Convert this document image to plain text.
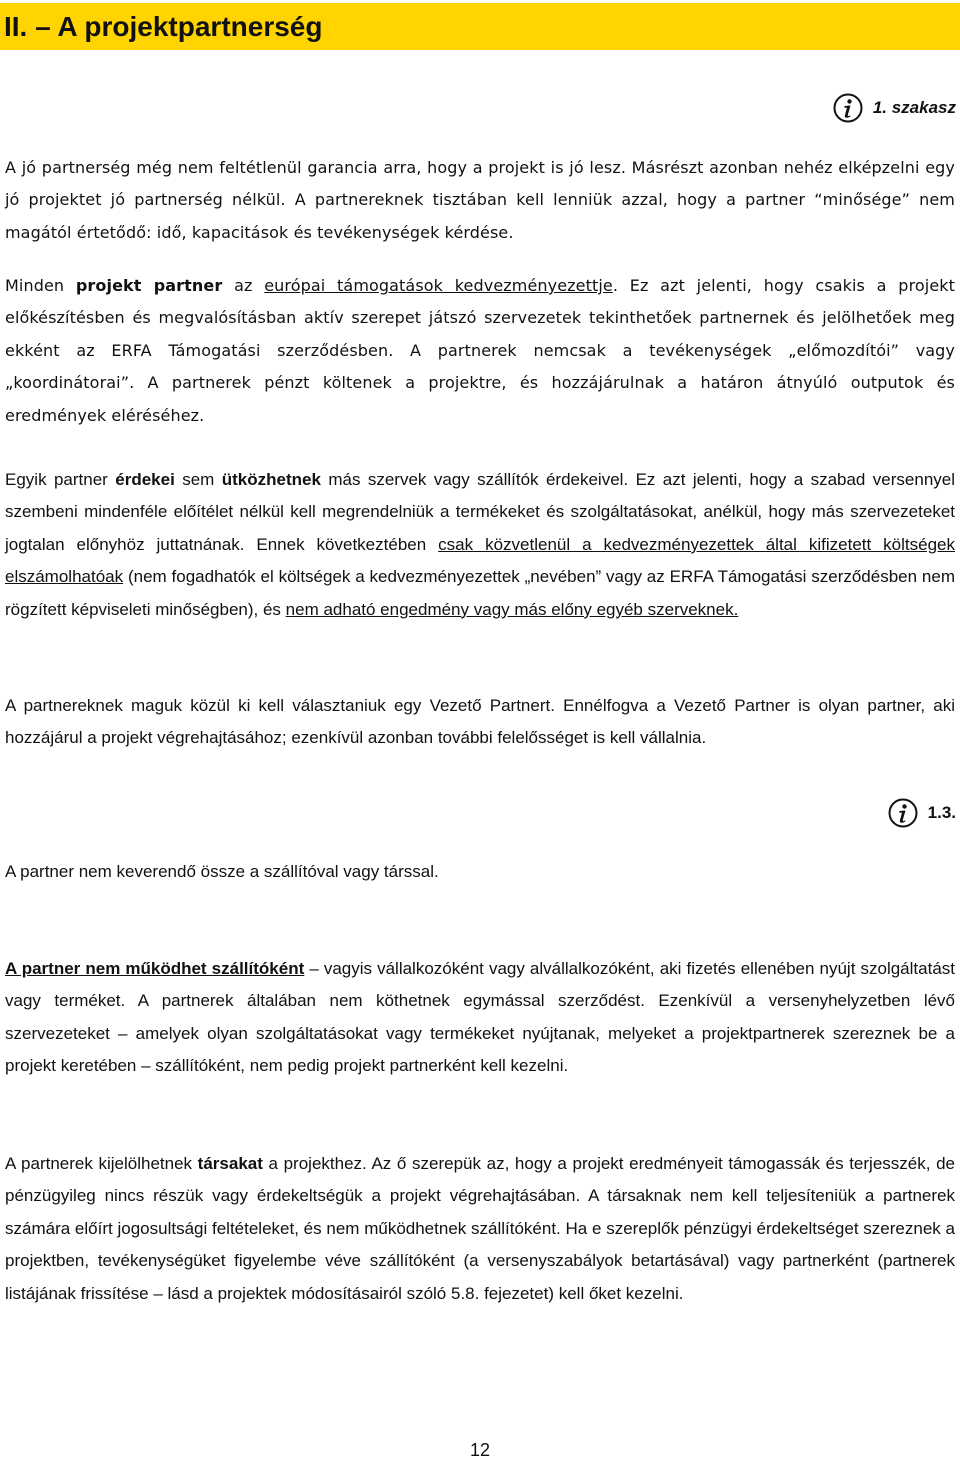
II. – A projektpartnerség
1. szakasz

A jó partnerség még nem feltétlenül garancia arra, hogy a projekt is jó lesz. Másrészt azonban nehéz elképzelni egy jó projektet jó partnerség nélkül. A partnereknek tisztában kell lenniük azzal, hogy a partner “minősége” nem magától értetődő: idő, kapacitások és tevékenységek kérdése.

Minden projekt partner az európai támogatások kedvezményezettje. Ez azt jelenti, hogy csakis a projekt előkészítésben és megvalósításban aktív szerepet játszó szervezetek tekinthetőek partnernek és jelölhetőek meg ekként az ERFA Támogatási szerződésben. A partnerek nemcsak a tevékenységek „előmozdítói” vagy „koordinátorai”. A partnerek pénzt költenek a projektre, és hozzájárulnak a határon átnyúló outputok és eredmények eléréséhez.

Egyik partner érdekei sem ütközhetnek más szervek vagy szállítók érdekeivel. Ez azt jelenti, hogy a szabad versennyel szembeni mindenféle előítélet nélkül kell megrendelniük a termékeket és szolgáltatásokat, anélkül, hogy más szervezeteket jogtalan előnyhöz juttatnának. Ennek következtében csak közvetlenül a kedvezményezettek által kifizetett költségek elszámolhatóak (nem fogadhatók el költségek a kedvezményezettek „nevében” vagy az ERFA Támogatási szerződésben nem rögzített képviseleti minőségben), és nem adható engedmény vagy más előny egyéb szerveknek.

A partnereknek maguk közül ki kell választaniuk egy Vezető Partnert. Ennélfogva a Vezető Partner is olyan partner, aki hozzájárul a projekt végrehajtásához; ezenkívül azonban további felelősséget is kell vállalnia.

1.3.

A partner nem keverendő össze a szállítóval vagy társsal.

A partner nem működhet szállítóként – vagyis vállalkozóként vagy alvállalkozóként, aki fizetés ellenében nyújt szolgáltatást vagy terméket. A partnerek általában nem köthetnek egymással szerződést. Ezenkívül a versenyhelyzetben lévő szervezeteket – amelyek olyan szolgáltatásokat vagy termékeket nyújtanak, melyeket a projektpartnerek szereznek be a projekt keretében – szállítóként, nem pedig projekt partnerként kell kezelni.

A partnerek kijelölhetnek társakat a projekthez. Az ő szerepük az, hogy a projekt eredményeit támogassák és terjesszék, de pénzügyileg nincs részük vagy érdekeltségük a projekt végrehajtásában. A társaknak nem kell teljesíteniük a partnerek számára előírt jogosultsági feltételeket, és nem működhetnek szállítóként. Ha e szereplők pénzügyi érdekeltséget szereznek a projektben, tevékenységüket figyelembe véve szállítóként (a versenyszabályok betartásával) vagy partnerként (partnerek listájának frissítése – lásd a projektek módosításairól szóló 5.8. fejezetet) kell őket kezelni.

12
